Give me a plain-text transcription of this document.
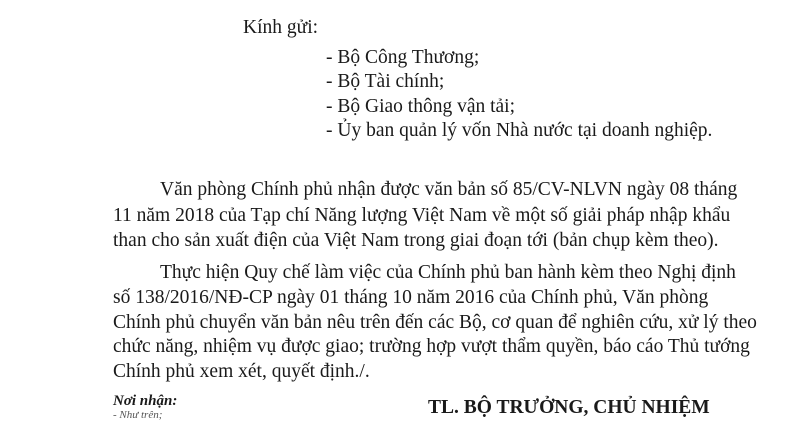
Kính gửi:
- Bộ Công Thương;
- Bộ Tài chính;
- Bộ Giao thông vận tải;
- Ủy ban quản lý vốn Nhà nước tại doanh nghiệp.
Văn phòng Chính phủ nhận được văn bản số 85/CV-NLVN ngày 08 tháng
11 năm 2018 của Tạp chí Năng lượng Việt Nam về một số giải pháp nhập khẩu
than cho sản xuất điện của Việt Nam trong giai đoạn tới (bản chụp kèm theo).
Thực hiện Quy chế làm việc của Chính phủ ban hành kèm theo Nghị định
số 138/2016/NĐ-CP ngày 01 tháng 10 năm 2016 của Chính phủ, Văn phòng
Chính phủ chuyển văn bản nêu trên đến các Bộ, cơ quan để nghiên cứu, xử lý theo
chức năng, nhiệm vụ được giao; trường hợp vượt thẩm quyền, báo cáo Thủ tướng
Chính phủ xem xét, quyết định./.
Nơi nhận:
- Như trên;	TL. BỘ TRƯỞNG, CHỦ NHIỆM
